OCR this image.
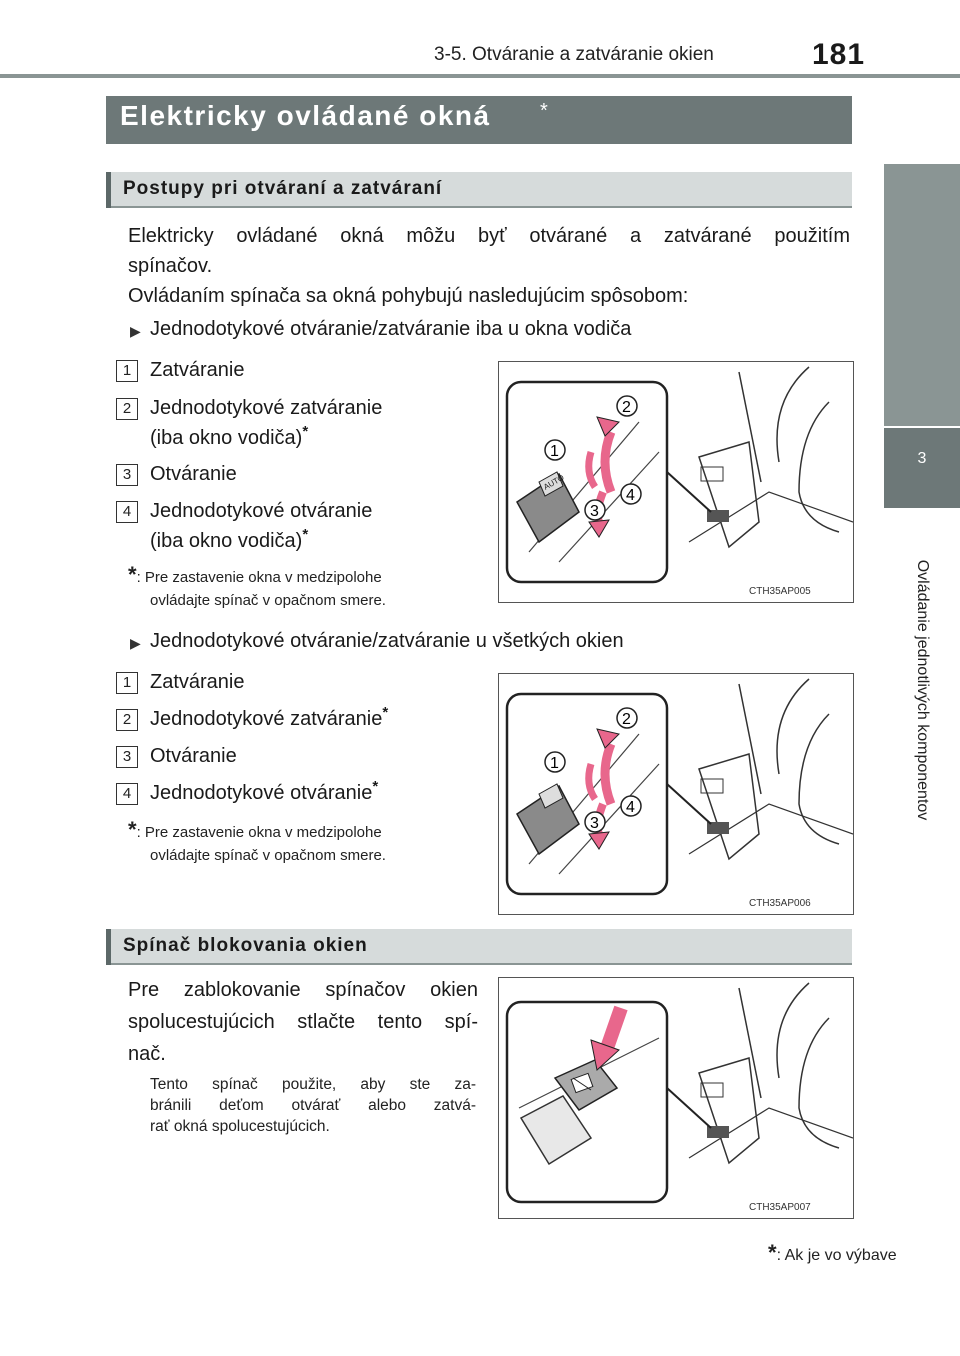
3-5. Otváranie a zatváranie okien	181
3
Ovládanie jednotlivých komponentov
Elektricky ovládané okná *
Postupy pri otváraní a zatváraní
Elektricky ovládané okná môžu byť otvárané a zatvárané použitím
spínačov.
Ovládaním spínača sa okná pohybujú nasledujúcim spôsobom:
▶ Jednodotykové otváranie/zatváranie iba u okna vodiča
1 Zatváranie
2 Jednodotykové zatváranie
(iba okno vodiča)*
3 Otváranie
4 Jednodotykové otváranie
(iba okno vodiča)*
*: Pre zastavenie okna v medzipolohe
ovládajte spínač v opačnom smere.
AUTO
2
1
4
3
CTH35AP005
▶ Jednodotykové otváranie/zatváranie u všetkých okien
1 Zatváranie
2 Jednodotykové zatváranie*
3 Otváranie
4 Jednodotykové otváranie*
*: Pre zastavenie okna v medzipolohe
ovládajte spínač v opačnom smere.
2
1
4
3
CTH35AP006
Spínač blokovania okien
Pre zablokovanie spínačov okien
spolucestujúcich stlačte tento spí-
nač.
Tento spínač použite, aby ste za-
bránili deťom otvárať alebo zatvá-
rať okná spolucestujúcich.
CTH35AP007
*: Ak je vo výbave
